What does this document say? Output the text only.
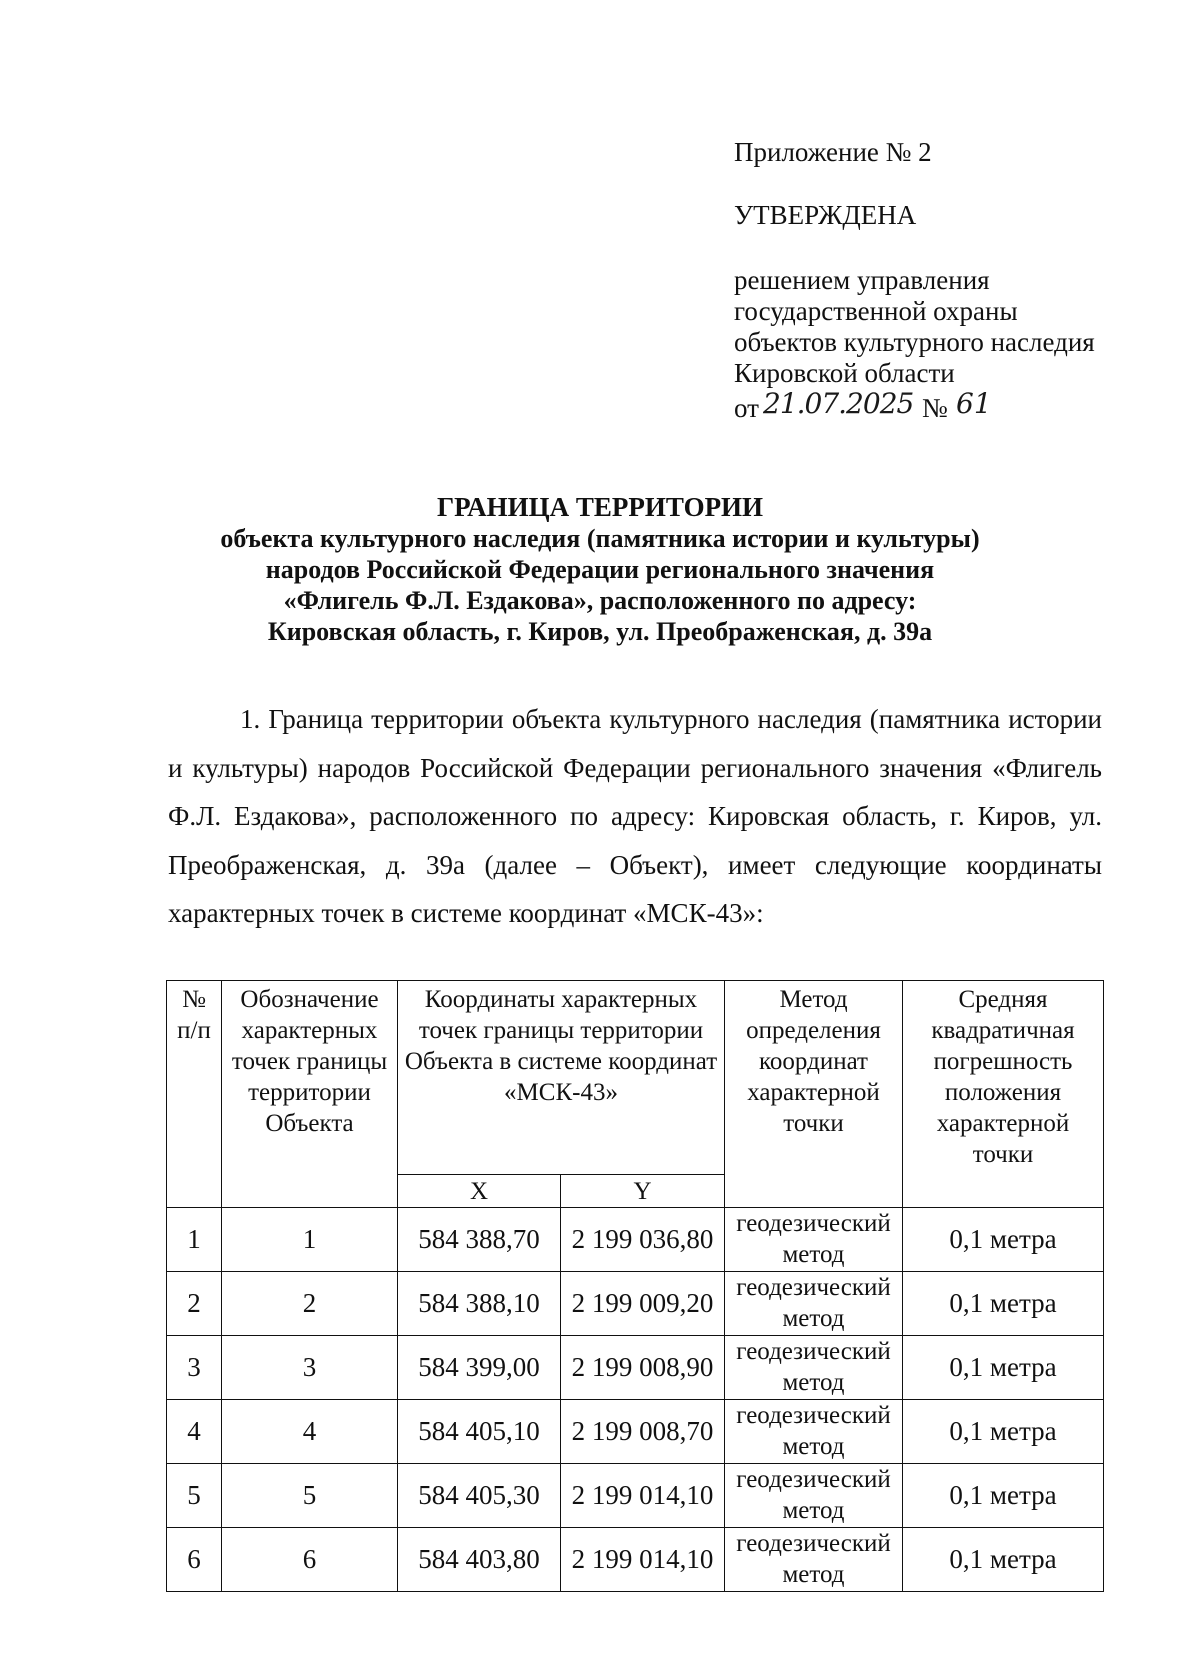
Приложение № 2
УТВЕРЖДЕНА
решением управления
государственной охраны
объектов культурного наследия
Кировской области
от 21.07.2025 № 61
ГРАНИЦА ТЕРРИТОРИИ
объекта культурного наследия (памятника истории и культуры)
народов Российской Федерации регионального значения
«Флигель Ф.Л. Ездакова», расположенного по адресу:
Кировская область, г. Киров, ул. Преображенская, д. 39а

1. Граница территории объекта культурного наследия (памятника истории и культуры) народов Российской Федерации регионального значения «Флигель Ф.Л. Ездакова», расположенного по адресу: Кировская область, г. Киров, ул. Преображенская, д. 39а (далее – Объект), имеет следующие координаты характерных точек в системе координат «МСК-43»:

№ п/п	Обозначение характерных точек границы территории Объекта	Координаты характерных точек границы территории Объекта в системе координат «МСК-43»		Метод определения координат характерной точки	Средняя квадратичная погрешность положения характерной точки
		X	Y		
1	1	584 388,70	2 199 036,80	геодезический метод	0,1 метра
2	2	584 388,10	2 199 009,20	геодезический метод	0,1 метра
3	3	584 399,00	2 199 008,90	геодезический метод	0,1 метра
4	4	584 405,10	2 199 008,70	геодезический метод	0,1 метра
5	5	584 405,30	2 199 014,10	геодезический метод	0,1 метра
6	6	584 403,80	2 199 014,10	геодезический метод	0,1 метра
